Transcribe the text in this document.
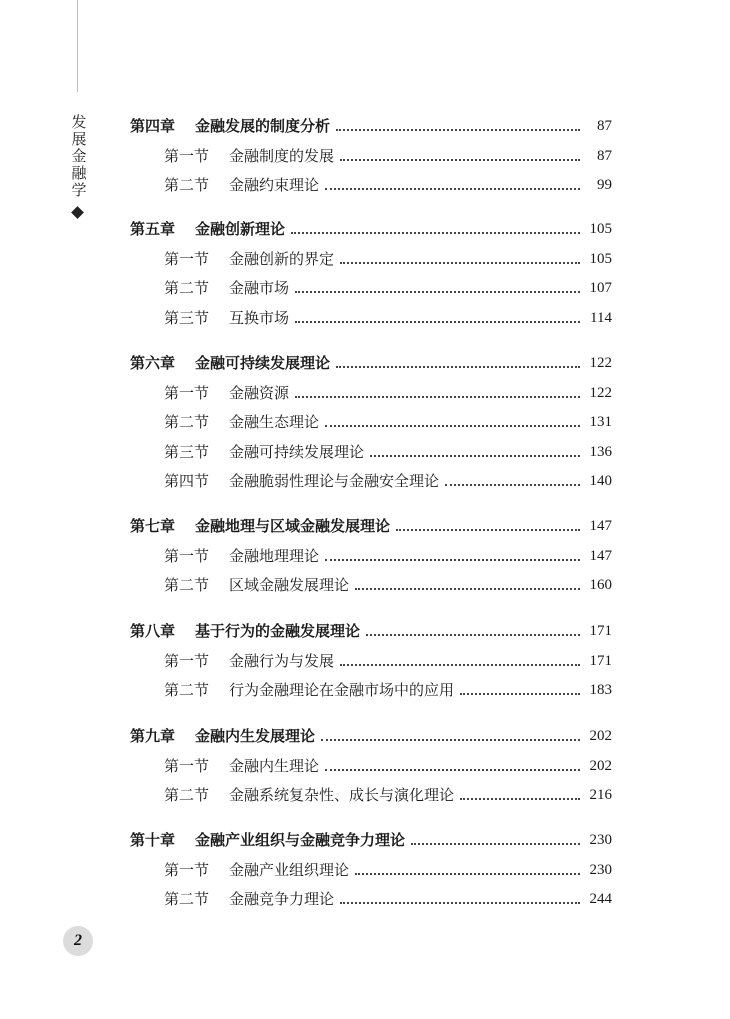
发
展
金
融
学
第四章 金融发展的制度分析	87
第一节 金融制度的发展	87
第二节 金融约束理论	99
第五章 金融创新理论	105
第一节 金融创新的界定	105
第二节 金融市场	107
第三节 互换市场	114
第六章 金融可持续发展理论	122
第一节 金融资源	122
第二节 金融生态理论	131
第三节 金融可持续发展理论	136
第四节 金融脆弱性理论与金融安全理论	140
第七章 金融地理与区域金融发展理论	147
第一节 金融地理理论	147
第二节 区域金融发展理论	160
第八章 基于行为的金融发展理论	171
第一节 金融行为与发展	171
第二节 行为金融理论在金融市场中的应用	183
第九章 金融内生发展理论	202
第一节 金融内生理论	202
第二节 金融系统复杂性、成长与演化理论	216
第十章 金融产业组织与金融竞争力理论	230
第一节 金融产业组织理论	230
第二节 金融竞争力理论	244
2
